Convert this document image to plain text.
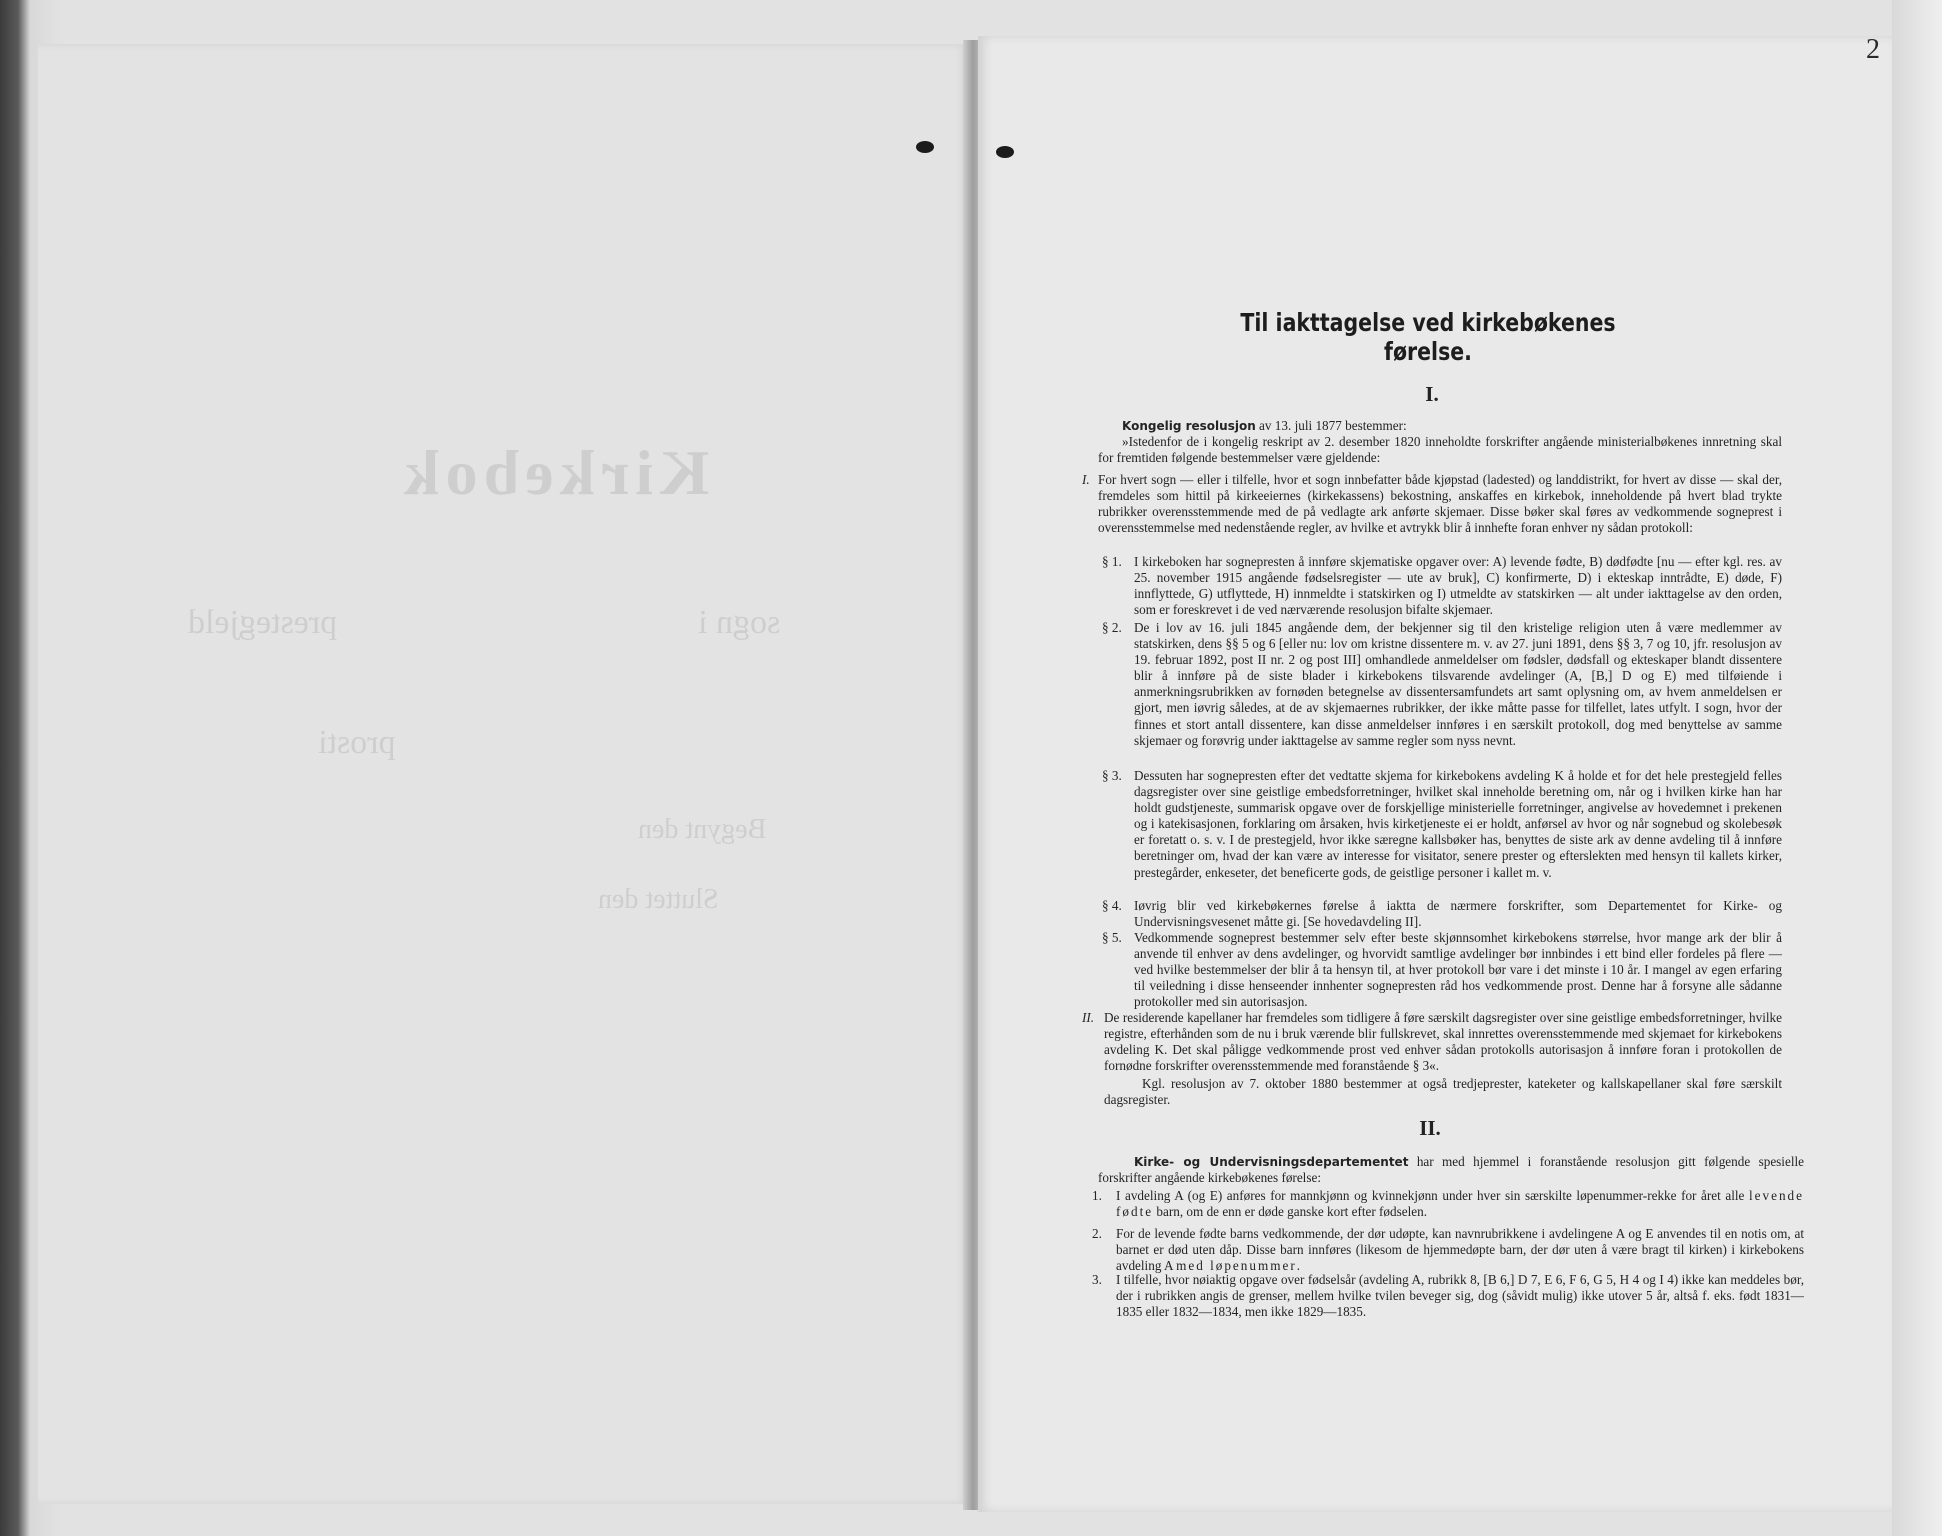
Kirkebok
sogn i
prestegjeld
prosti
Begynt den
Sluttet den
2
Til iakttagelse ved kirkebøkenes førelse.
I.
Kongelig resolusjon av 13. juli 1877 bestemmer:
»Istedenfor de i kongelig reskript av 2. desember 1820 inneholdte forskrifter angående ministerialbøkenes innretning skal for fremtiden følgende bestemmelser være gjeldende:
I. For hvert sogn — eller i tilfelle, hvor et sogn innbefatter både kjøpstad (ladested) og landdistrikt, for hvert av disse — skal der, fremdeles som hittil på kirkeeiernes (kirkekassens) bekostning, anskaffes en kirkebok, inneholdende på hvert blad trykte rubrikker overensstemmende med de på vedlagte ark anførte skjemaer. Disse bøker skal føres av vedkommende sogneprest i overensstemmelse med nedenstående regler, av hvilke et avtrykk blir å innhefte foran enhver ny sådan protokoll:
§ 1. I kirkeboken har sognepresten å innføre skjematiske opgaver over: A) levende fødte, B) dødfødte [nu — efter kgl. res. av 25. november 1915 angående fødselsregister — ute av bruk], C) konfirmerte, D) i ekteskap inntrådte, E) døde, F) innflyttede, G) utflyttede, H) innmeldte i statskirken og I) utmeldte av statskirken — alt under iakttagelse av den orden, som er foreskrevet i de ved nærværende resolusjon bifalte skjemaer.
§ 2. De i lov av 16. juli 1845 angående dem, der bekjenner sig til den kristelige religion uten å være medlemmer av statskirken, dens §§ 5 og 6 [eller nu: lov om kristne dissentere m. v. av 27. juni 1891, dens §§ 3, 7 og 10, jfr. resolusjon av 19. februar 1892, post II nr. 2 og post III] omhandlede anmeldelser om fødsler, dødsfall og ekteskaper blandt dissentere blir å innføre på de siste blader i kirkebokens tilsvarende avdelinger (A, [B,] D og E) med tilføiende i anmerkningsrubrikken av fornøden betegnelse av dissentersamfundets art samt oplysning om, av hvem anmeldelsen er gjort, men iøvrig således, at de av skjemaernes rubrikker, der ikke måtte passe for tilfellet, lates utfylt. I sogn, hvor der finnes et stort antall dissentere, kan disse anmeldelser innføres i en særskilt protokoll, dog med benyttelse av samme skjemaer og forøvrig under iakttagelse av samme regler som nyss nevnt.
§ 3. Dessuten har sognepresten efter det vedtatte skjema for kirkebokens avdeling K å holde et for det hele prestegjeld felles dagsregister over sine geistlige embedsforretninger, hvilket skal inneholde beretning om, når og i hvilken kirke han har holdt gudstjeneste, summarisk opgave over de forskjellige ministerielle forretninger, angivelse av hovedemnet i prekenen og i katekisasjonen, forklaring om årsaken, hvis kirketjeneste ei er holdt, anførsel av hvor og når sognebud og skolebesøk er foretatt o. s. v. I de prestegjeld, hvor ikke særegne kallsbøker has, benyttes de siste ark av denne avdeling til å innføre beretninger om, hvad der kan være av interesse for visitator, senere prester og efterslekten med hensyn til kallets kirker, prestegårder, enkeseter, det beneficerte gods, de geistlige personer i kallet m. v.
§ 4. Iøvrig blir ved kirkebøkernes førelse å iaktta de nærmere forskrifter, som Departementet for Kirke- og Undervisningsvesenet måtte gi. [Se hovedavdeling II].
§ 5. Vedkommende sogneprest bestemmer selv efter beste skjønnsomhet kirkebokens størrelse, hvor mange ark der blir å anvende til enhver av dens avdelinger, og hvorvidt samtlige avdelinger bør innbindes i ett bind eller fordeles på flere — ved hvilke bestemmelser der blir å ta hensyn til, at hver protokoll bør vare i det minste i 10 år. I mangel av egen erfaring til veiledning i disse henseender innhenter sognepresten råd hos vedkommende prost. Denne har å forsyne alle sådanne protokoller med sin autorisasjon.
II. De residerende kapellaner har fremdeles som tidligere å føre særskilt dagsregister over sine geistlige embedsforretninger, hvilke registre, efterhånden som de nu i bruk værende blir fullskrevet, skal innrettes overensstemmende med skjemaet for kirkebokens avdeling K. Det skal påligge vedkommende prost ved enhver sådan protokolls autorisasjon å innføre foran i protokollen de fornødne forskrifter overensstemmende med foranstående § 3«.
Kgl. resolusjon av 7. oktober 1880 bestemmer at også tredjeprester, kateketer og kallskapellaner skal føre særskilt dagsregister.
II.
Kirke- og Undervisningsdepartementet har med hjemmel i foranstående resolusjon gitt følgende spesielle forskrifter angående kirkebøkenes førelse:
1. I avdeling A (og E) anføres for mannkjønn og kvinnekjønn under hver sin særskilte løpenummer-rekke for året alle levende fødte barn, om de enn er døde ganske kort efter fødselen.
2. For de levende fødte barns vedkommende, der dør udøpte, kan navnrubrikkene i avdelingene A og E anvendes til en notis om, at barnet er død uten dåp. Disse barn innføres (likesom de hjemmedøpte barn, der dør uten å være bragt til kirken) i kirkebokens avdeling A med løpenummer.
3. I tilfelle, hvor nøiaktig opgave over fødselsår (avdeling A, rubrikk 8, [B 6,] D 7, E 6, F 6, G 5, H 4 og I 4) ikke kan meddeles bør, der i rubrikken angis de grenser, mellem hvilke tvilen beveger sig, dog (såvidt mulig) ikke utover 5 år, altså f. eks. født 1831—1835 eller 1832—1834, men ikke 1829—1835.
